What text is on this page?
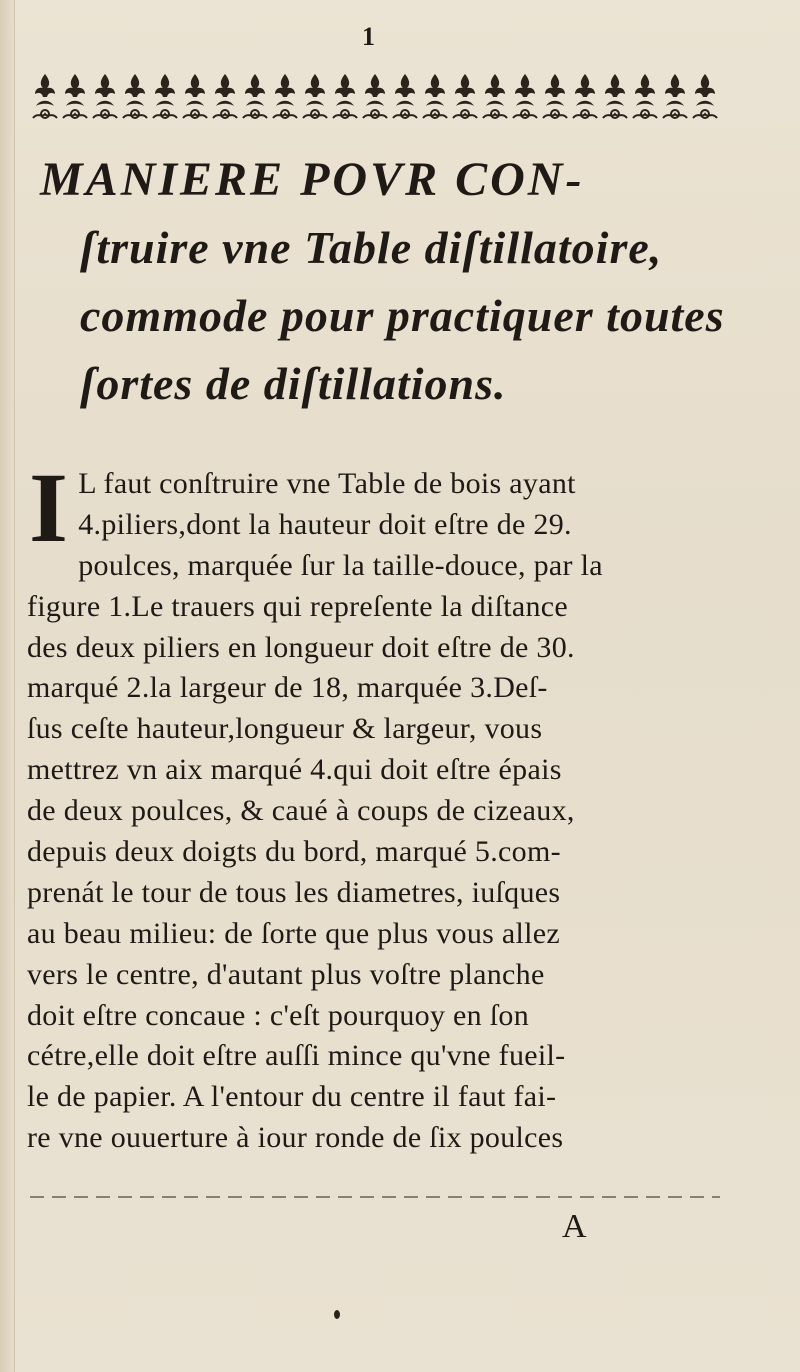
1
MANIERE POVR CON-
ſtruire vne Table diſtillatoire,
commode pour practiquer toutes
ſortes de diſtillations.
I L faut conſtruire vne Table de bois ayant
4.piliers,dont la hauteur doit eſtre de 29.
poulces, marquée ſur la taille-douce, par la
figure 1.Le trauers qui repreſente la diſtance
des deux piliers en longueur doit eſtre de 30.
marqué 2.la largeur de 18, marquée 3.Deſ-
ſus ceſte hauteur,longueur & largeur, vous
mettrez vn aix marqué 4.qui doit eſtre épais
de deux poulces, & caué à coups de cizeaux,
depuis deux doigts du bord, marqué 5.com-
prenát le tour de tous les diametres, iuſques
au beau milieu: de ſorte que plus vous allez
vers le centre, d'autant plus voſtre planche
doit eſtre concaue : c'eſt pourquoy en ſon
cétre,elle doit eſtre auſſi mince qu'vne fueil-
le de papier. A l'entour du centre il faut fai-
re vne ouuerture à iour ronde de ſix poulces
A
